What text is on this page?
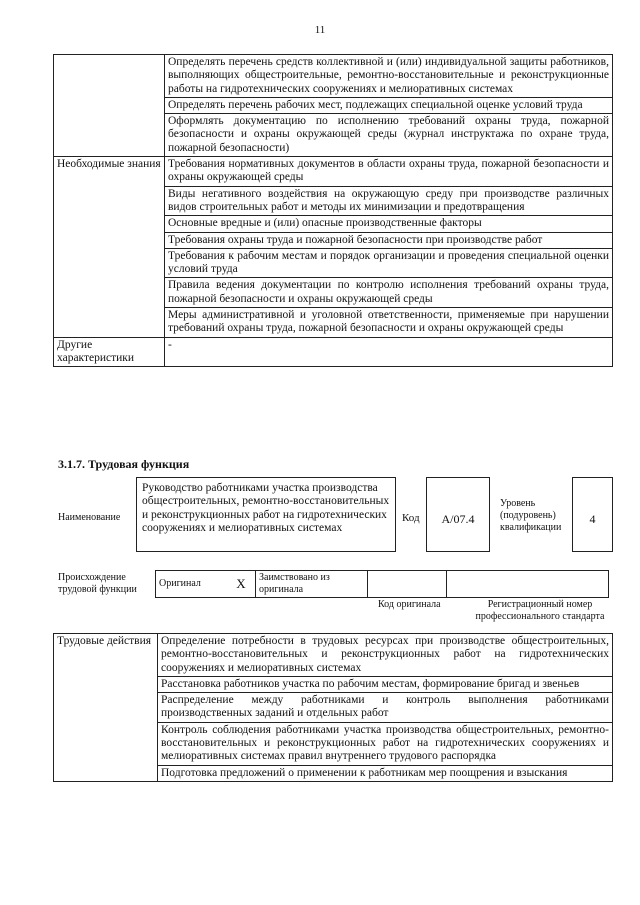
11
	Определять перечень средств коллективной и (или) индивидуальной защиты работников, выполняющих общестроительные, ремонтно-восстановительные и реконструкционные работы на гидротехнических сооружениях и мелиоративных системах
	Определять перечень рабочих мест, подлежащих специальной оценке условий труда
	Оформлять документацию по исполнению требований охраны труда, пожарной безопасности и охраны окружающей среды (журнал инструктажа по охране труда, пожарной безопасности)
Необходимые знания	Требования нормативных документов в области охраны труда, пожарной безопасности и охраны окружающей среды
	Виды негативного воздействия на окружающую среду при производстве различных видов строительных работ и методы их минимизации и предотвращения
	Основные вредные и (или) опасные производственные факторы
	Требования охраны труда и пожарной безопасности при производстве работ
	Требования к рабочим местам и порядок организации и проведения специальной оценки условий труда
	Правила ведения документации по контролю исполнения требований охраны труда, пожарной безопасности и охраны окружающей среды
	Меры административной и уголовной ответственности, применяемые при нарушении требований охраны труда, пожарной безопасности и охраны окружающей среды
Другие характеристики	-
3.1.7. Трудовая функция
Наименование
Руководство работниками участка производства общестроительных, ремонтно-восстановительных и реконструкционных работ на гидротехнических сооружениях и мелиоративных системах
Код	А/07.4
Уровень (подуровень) квалификации
4
Происхождение трудовой функции
Оригинал	X	Заимствовано из оригинала		
Код оригинала	Регистрационный номер профессионального стандарта
Трудовые действия	Определение потребности в трудовых ресурсах при производстве общестроительных, ремонтно-восстановительных и реконструкционных работ на гидротехнических сооружениях и мелиоративных системах
Расстановка работников участка по рабочим местам, формирование бригад и звеньев
Распределение между работниками и контроль выполнения работниками производственных заданий и отдельных работ
Контроль соблюдения работниками участка производства общестроительных, ремонтно-восстановительных и реконструкционных работ на гидротехнических сооружениях и мелиоративных системах правил внутреннего трудового распорядка
Подготовка предложений о применении к работникам мер поощрения и взыскания
